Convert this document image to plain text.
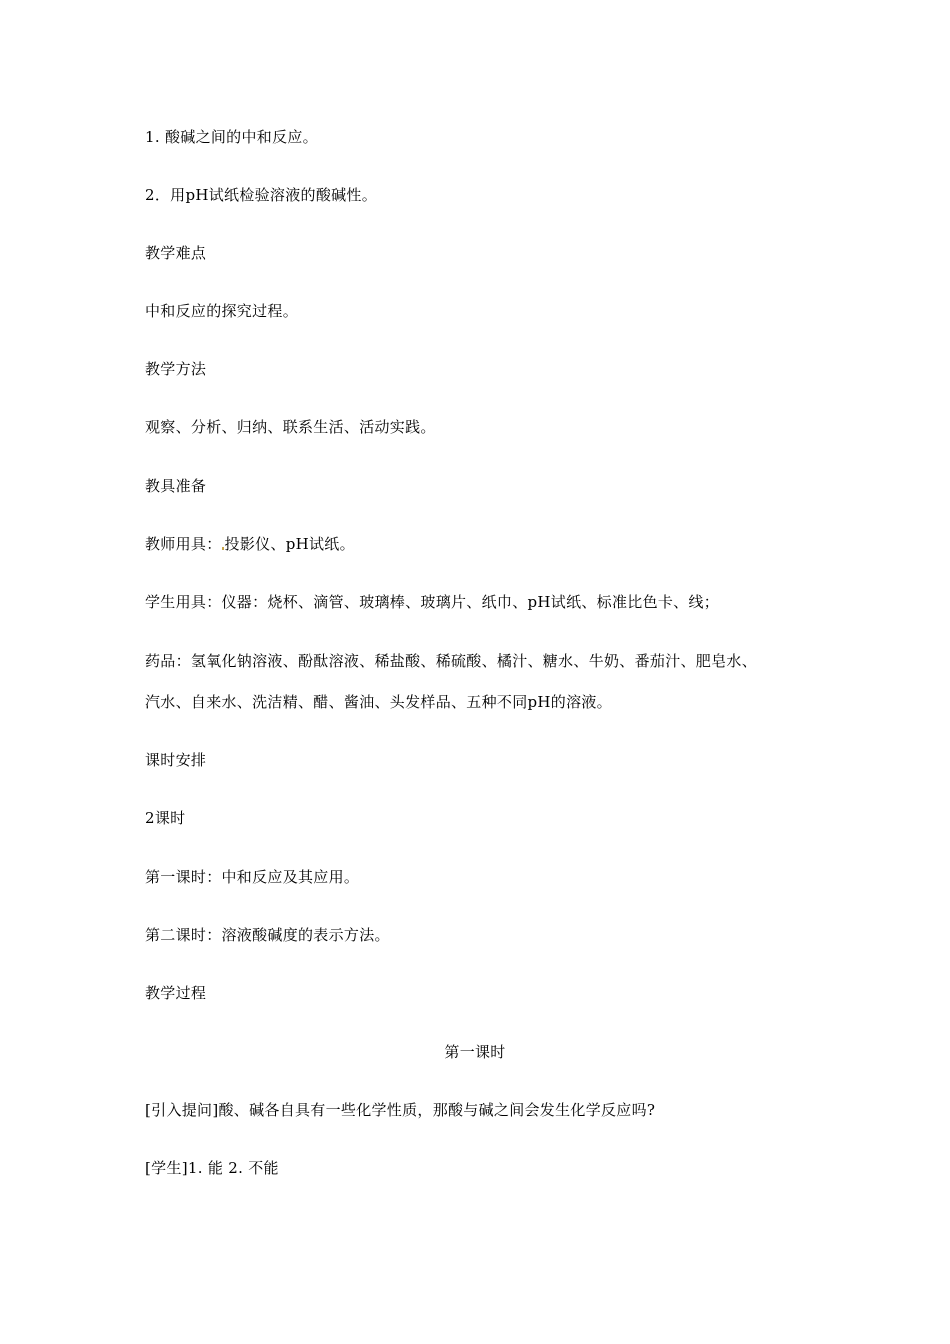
1. 酸碱之间的中和反应。
2．用pH试纸检验溶液的酸碱性。
教学难点
中和反应的探究过程。
教学方法
观察、分析、归纳、联系生活、活动实践。
教具准备
教师用具： 投影仪、pH试纸。
学生用具：仪器：烧杯、滴管、玻璃棒、玻璃片、纸巾、pH试纸、标准比色卡、线；
药品：氢氧化钠溶液、酚酞溶液、稀盐酸、稀硫酸、橘汁、糖水、牛奶、番茄汁、肥皂水、
汽水、自来水、洗洁精、醋、酱油、头发样品、五种不同pH的溶液。
课时安排
2课时
第一课时：中和反应及其应用。
第二课时：溶液酸碱度的表示方法。
教学过程
第一课时
[引入提问]酸、碱各自具有一些化学性质，那酸与碱之间会发生化学反应吗?
[学生]1. 能 2. 不能
